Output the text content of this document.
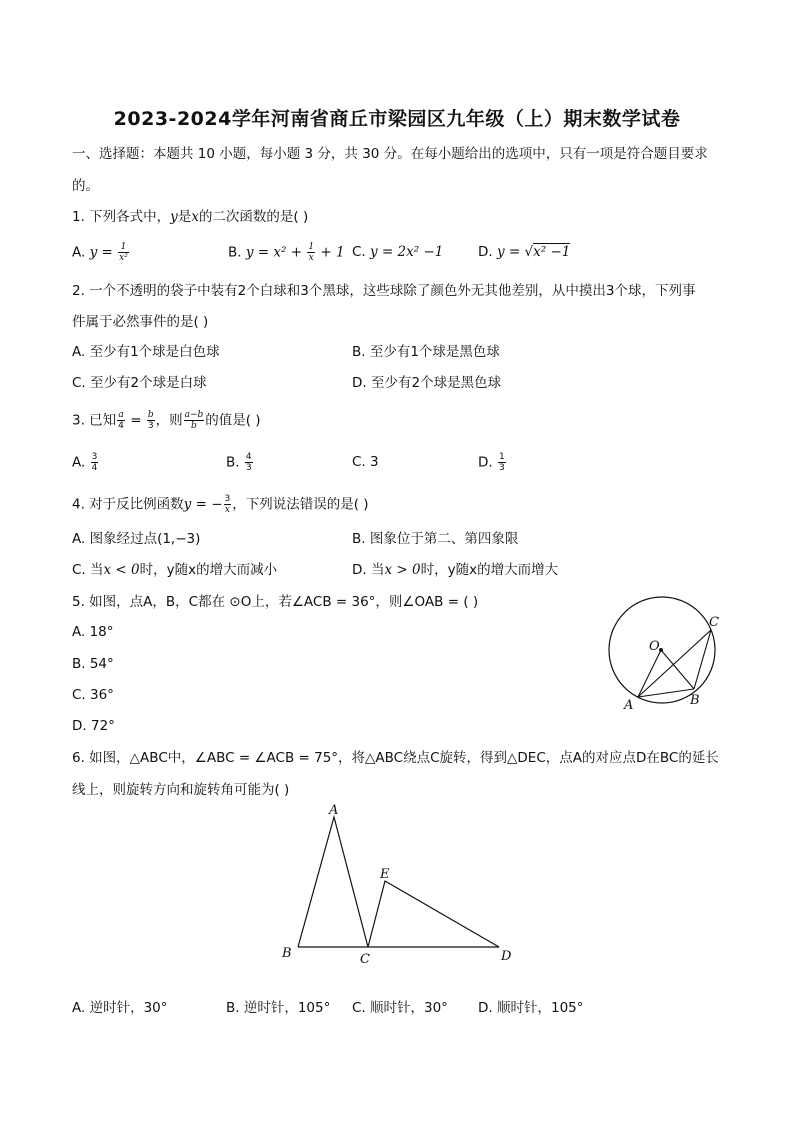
2023-2024学年河南省商丘市梁园区九年级（上）期末数学试卷
一、选择题：本题共 10 小题，每小题 3 分，共 30 分。在每小题给出的选项中，只有一项是符合题目要求
的。
1. 下列各式中，y是x的二次函数的是( )
A. $y = \frac{1}{\text{x²}}$	B. $y = x^2 + \frac{1}{x} + 1$ C. y = 2x² −1	D. y = √x² −1
2. 一个不透明的袋子中装有2个白球和3个黑球，这些球除了颜色外无其他差别，从中摸出3个球，下列事
件属于必然事件的是( )
A. 至少有1个球是白色球	B. 至少有1个球是黑色球
C. 至少有2个球是白球	D. 至少有2个球是黑色球
3. 已知 $\frac{a}{4} = \frac{b}{3}$ ，则 $\frac{a-b}{b}$ 的值是( )
A. $\frac{3}{4}$	B. $\frac{4}{3}$	C. 3	D. $\frac{1}{3}$
4. 对于反比例函数y = − $\frac{3}{x}$ ，下列说法错误的是( )
A. 图象经过点(1,−3)	B. 图象位于第二、第四象限
C. 当x < 0时，y随x的增大而减小	D. 当x > 0时，y随x的增大而增大
5. 如图，点A，B，C都在 ⊙O上，若∠ACB = 36°，则∠OAB = ( )
A. 18°
B. 54°
C. 36°
D. 72°
O
A	B
C
6. 如图，△ABC中，∠ABC = ∠ACB = 75°，将△ABC绕点C旋转，得到△DEC，点A的对应点D在BC的延长
线上，则旋转方向和旋转角可能为( )
A
B	C	D
E
A. 逆时针，30°	B. 逆时针，105° C. 顺时针，30° D. 顺时针，105°
